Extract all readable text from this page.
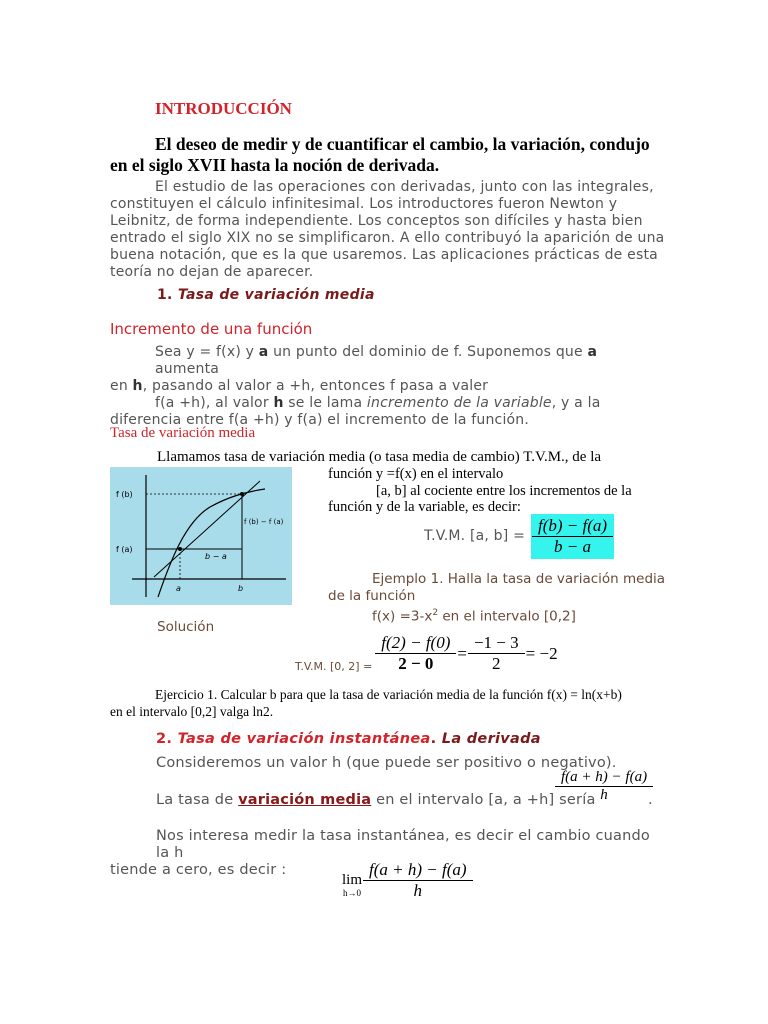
INTRODUCCIÓN
El deseo de medir y de cuantificar el cambio, la variación, condujo
en el siglo XVII hasta la noción de derivada.
El estudio de las operaciones con derivadas, junto con las integrales,
constituyen el cálculo infinitesimal. Los introductores fueron Newton y
Leibnitz, de forma independiente. Los conceptos son difíciles y hasta bien
entrado el siglo XIX no se simplificaron. A ello contribuyó la aparición de una
buena notación, que es la que usaremos. Las aplicaciones prácticas de esta
teoría no dejan de aparecer.
1. Tasa de variación media
Incremento de una función
Sea y = f(x) y a un punto del dominio de f. Suponemos que a aumenta
en h, pasando al valor a +h, entonces f pasa a valer
f(a +h), al valor h se le lama incremento de la variable, y a la
diferencia entre f(a +h) y f(a) el incremento de la función.
Tasa de variación media
Llamamos tasa de variación media (o tasa media de cambio) T.V.M., de la
función y =f(x) en el intervalo
[a, b] al cociente entre los incrementos de la
función y de la variable, es decir:
T.V.M. [a, $b] = \frac{f(b) - f(a)}{b - a}$
f (b)
f (a)
f (b) − f (a)
b − a
a	b
Ejemplo 1. Halla la tasa de variación media
de la función
$f(x) =3-x^2$ en el intervalo [0,2]
Solución
T.V.M. [0, $2] = \frac{f(2) - f(0)}{2 - 0} = \frac{-1 - 3}{2} = -2$
Ejercicio 1. Calcular b para que la tasa de variación media de la función f(x) = ln(x+b)
en el intervalo [0,2] valga ln2.
2. Tasa de variación instantánea. La derivada
Consideremos un valor h (que puede ser positivo o negativo).
$\frac{f(a + h) - f(a)}{h}$
La tasa de variación media en el intervalo [a, a +h] sería	.
Nos interesa medir la tasa instantánea, es decir el cambio cuando la h
tiende a cero, es decir :
lim
$h\to 0 \frac{f(a + h) - f(a)}{h}$
